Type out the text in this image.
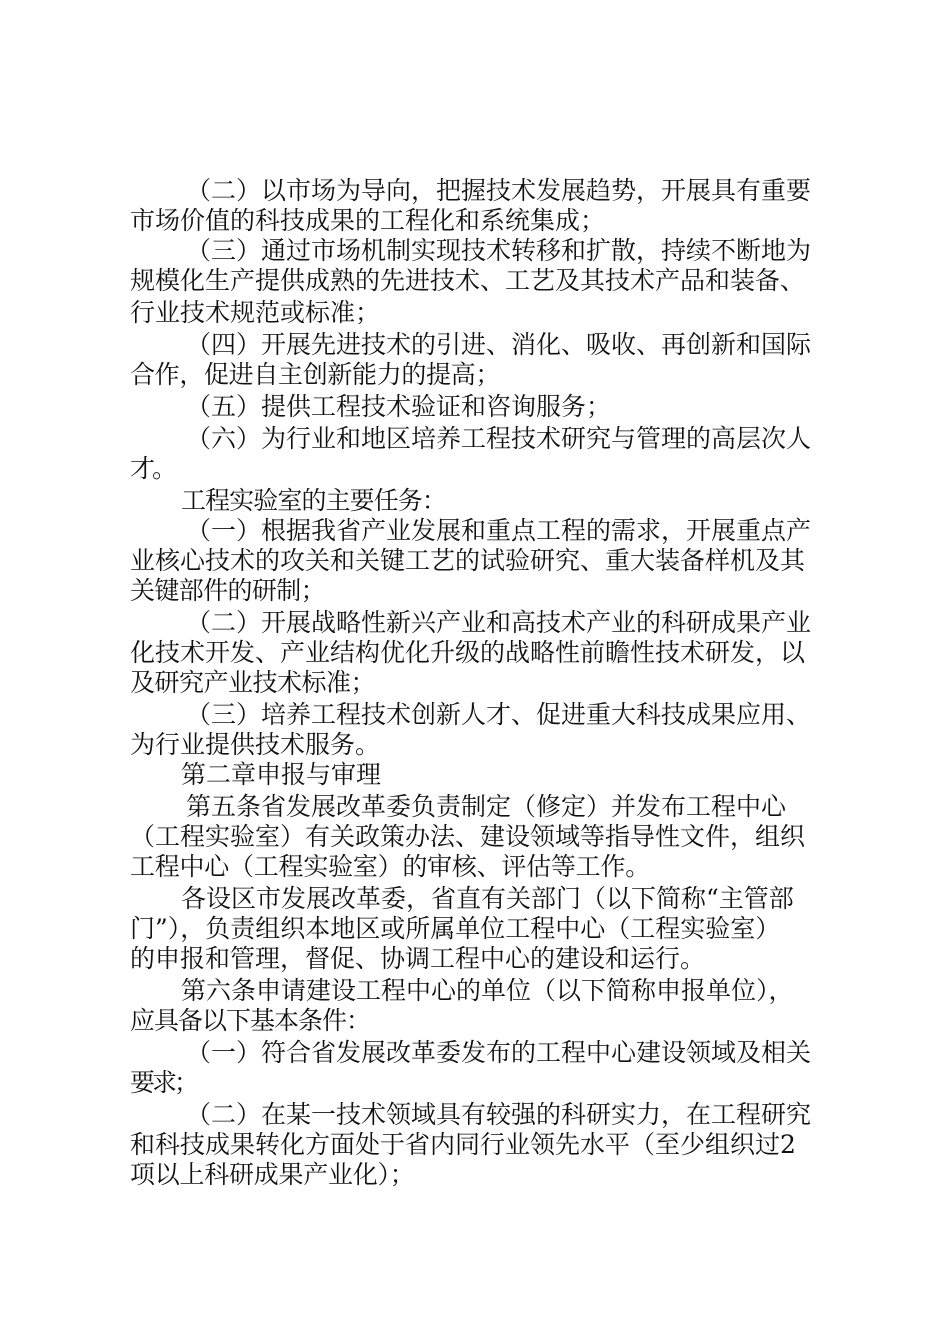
（二）以市场为导向，把握技术发展趋势，开展具有重要
市场价值的科技成果的工程化和系统集成；
（三）通过市场机制实现技术转移和扩散，持续不断地为
规模化生产提供成熟的先进技术、工艺及其技术产品和装备、
行业技术规范或标准；
（四）开展先进技术的引进、消化、吸收、再创新和国际
合作，促进自主创新能力的提高；
（五）提供工程技术验证和咨询服务；
（六）为行业和地区培养工程技术研究与管理的高层次人
才。
工程实验室的主要任务：
（一）根据我省产业发展和重点工程的需求，开展重点产
业核心技术的攻关和关键工艺的试验研究、重大装备样机及其
关键部件的研制；
（二）开展战略性新兴产业和高技术产业的科研成果产业
化技术开发、产业结构优化升级的战略性前瞻性技术研发，以
及研究产业技术标准；
（三）培养工程技术创新人才、促进重大科技成果应用、
为行业提供技术服务。
第二章申报与审理
第五条省发展改革委负责制定（修定）并发布工程中心
（工程实验室）有关政策办法、建设领域等指导性文件，组织
工程中心（工程实验室）的审核、评估等工作。
各设区市发展改革委，省直有关部门（以下简称“主管部
门”），负责组织本地区或所属单位工程中心（工程实验室）
的申报和管理，督促、协调工程中心的建设和运行。
第六条申请建设工程中心的单位（以下简称申报单位），
应具备以下基本条件：
（一）符合省发展改革委发布的工程中心建设领域及相关
要求；
（二）在某一技术领域具有较强的科研实力，在工程研究
和科技成果转化方面处于省内同行业领先水平（至少组织过2
项以上科研成果产业化）；
